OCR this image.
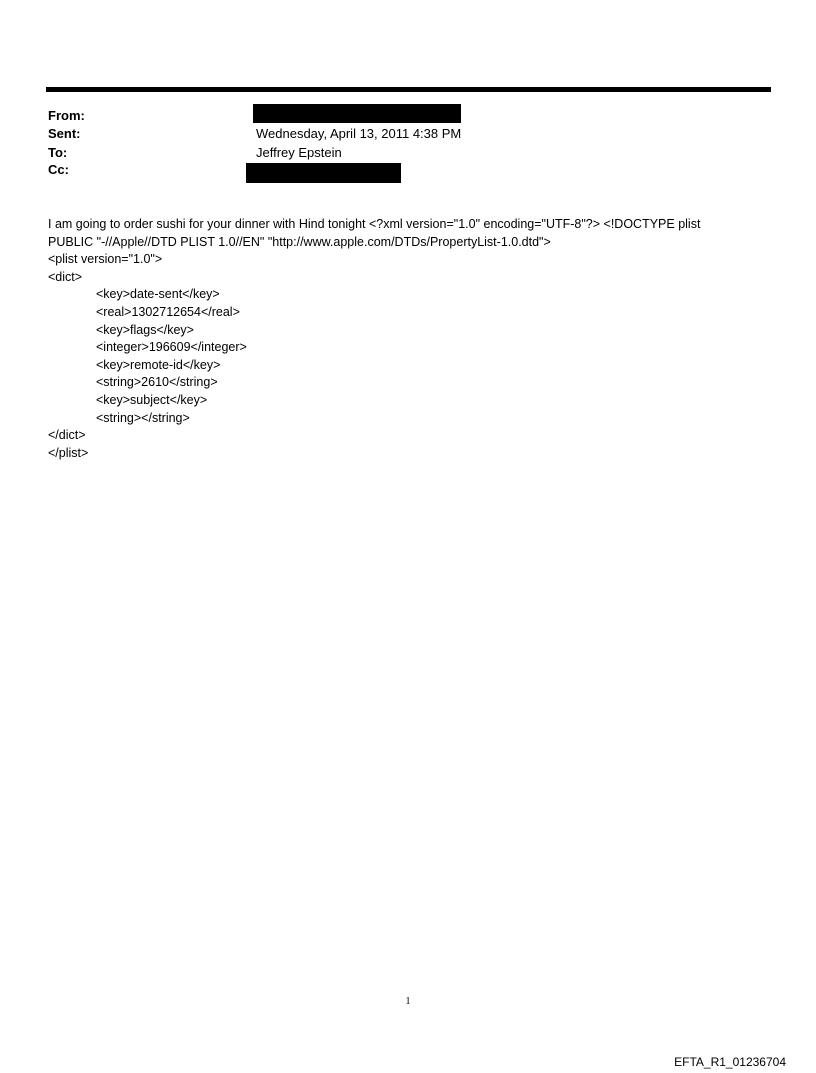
From:
Sent:	Wednesday, April 13, 2011 4:38 PM
To:	Jeffrey Epstein
Cc:
I am going to order sushi for your dinner with Hind tonight <?xml version="1.0" encoding="UTF-8"?> <!DOCTYPE plist
PUBLIC "-//Apple//DTD PLIST 1.0//EN" "http://www.apple.com/DTDs/PropertyList-1.0.dtd">
<plist version="1.0">
<dict>
<key>date-sent</key>
<real>1302712654</real>
<key>flags</key>
<integer>196609</integer>
<key>remote-id</key>
<string>2610</string>
<key>subject</key>
<string></string>
</dict>
</plist>
1
EFTA_R1_01236704
